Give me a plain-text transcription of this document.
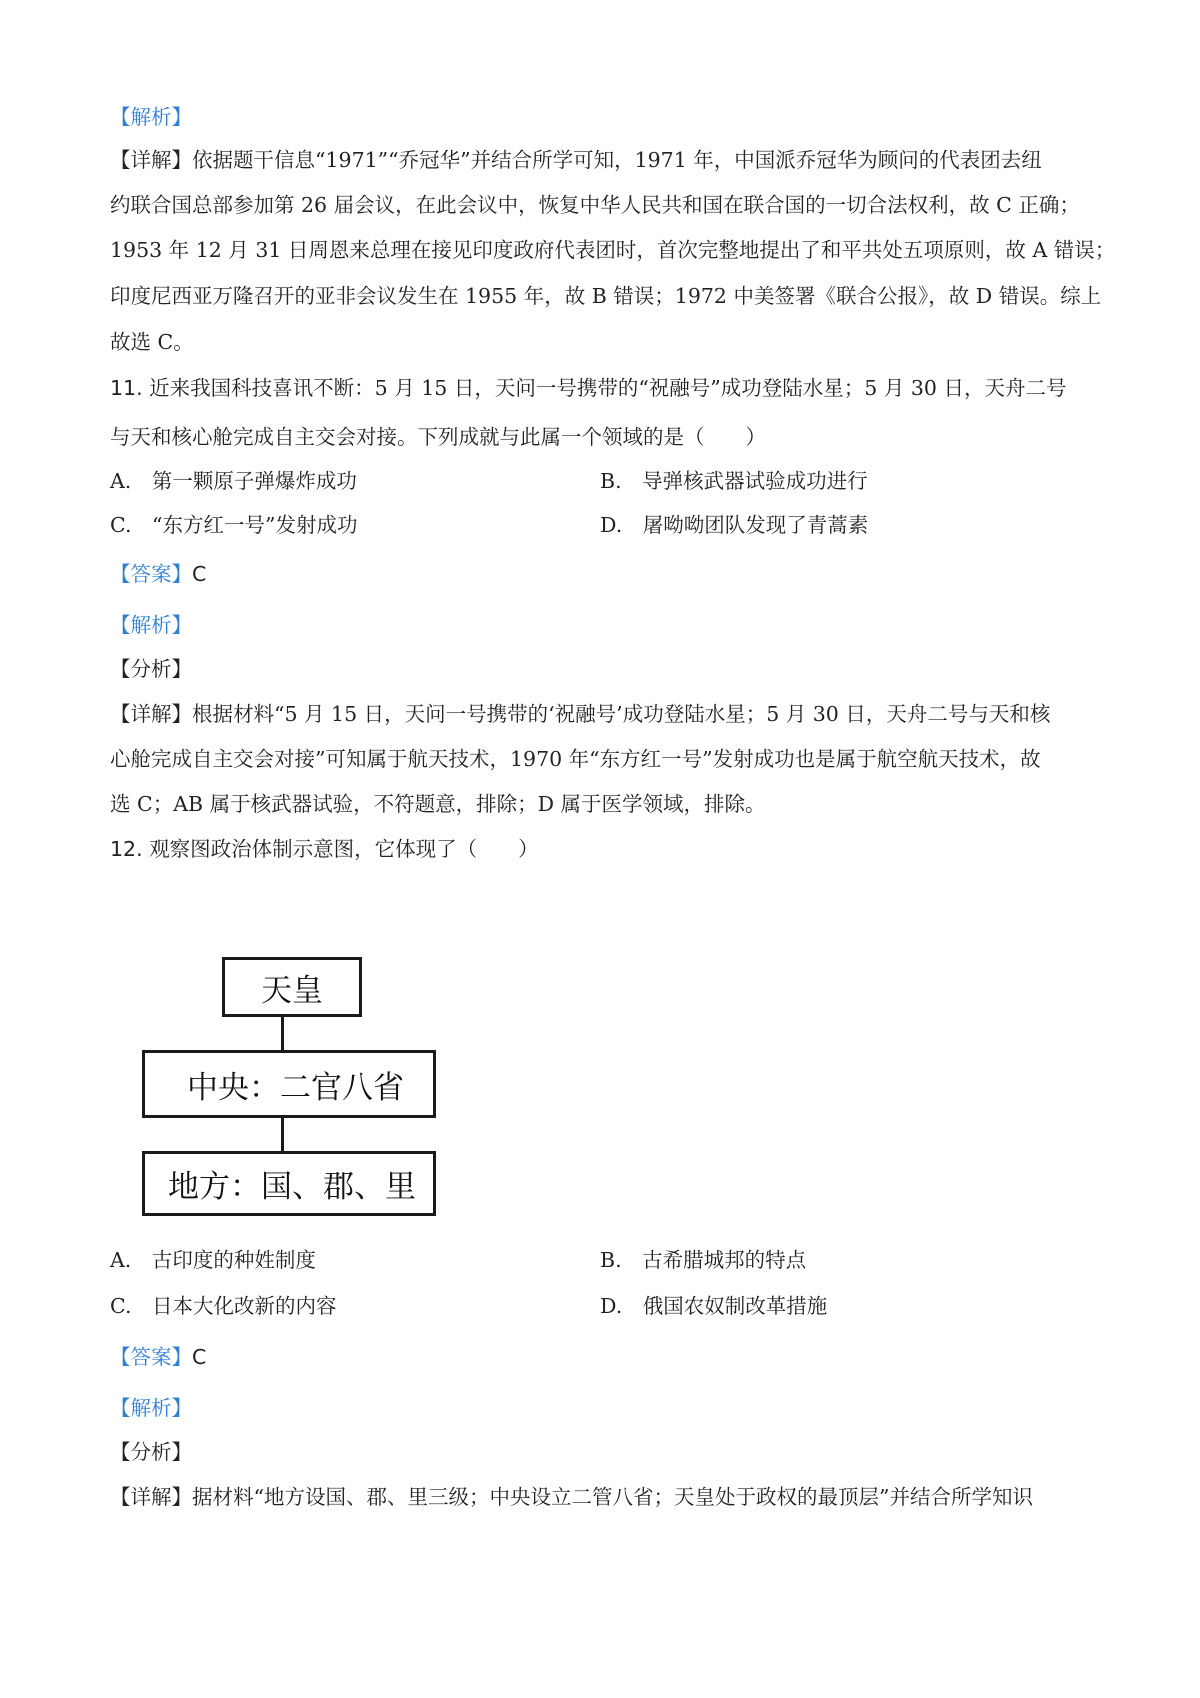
【解析】
【详解】依据题干信息“1971”“乔冠华”并结合所学可知，1971 年，中国派乔冠华为顾问的代表团去纽
约联合国总部参加第 26 届会议，在此会议中，恢复中华人民共和国在联合国的一切合法权利，故 C 正确；
1953 年 12 月 31 日周恩来总理在接见印度政府代表团时，首次完整地提出了和平共处五项原则，故 A 错误；
印度尼西亚万隆召开的亚非会议发生在 1955 年，故 B 错误；1972 中美签署《联合公报》，故 D 错误。综上
故选 C。
11. 近来我国科技喜讯不断：5 月 15 日，天问一号携带的“祝融号”成功登陆水星；5 月 30 日，天舟二号
与天和核心舱完成自主交会对接。下列成就与此属一个领域的是（　　）
A. 第一颗原子弹爆炸成功	B. 导弹核武器试验成功进行
C. “东方红一号”发射成功	D. 屠呦呦团队发现了青蒿素
【答案】C
【解析】
【分析】
【详解】根据材料“5 月 15 日，天问一号携带的‘祝融号’成功登陆水星；5 月 30 日，天舟二号与天和核
心舱完成自主交会对接”可知属于航天技术，1970 年“东方红一号”发射成功也是属于航空航天技术，故
选 C；AB 属于核武器试验，不符题意，排除；D 属于医学领域，排除。
12. 观察图政治体制示意图，它体现了（　　）
天皇
中央：二官八省
地方：国、郡、里
A. 古印度的种姓制度	B. 古希腊城邦的特点
C. 日本大化改新的内容	D. 俄国农奴制改革措施
【答案】C
【解析】
【分析】
【详解】据材料“地方设国、郡、里三级；中央设立二管八省；天皇处于政权的最顶层”并结合所学知识
